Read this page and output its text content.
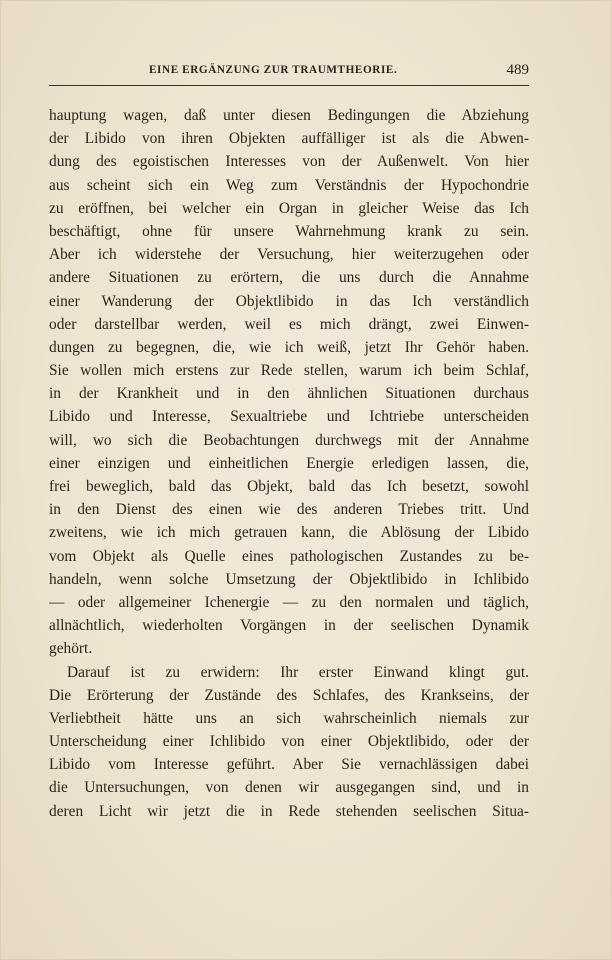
EINE ERGÄNZUNG ZUR TRAUMTHEORIE.	489
hauptung wagen, daß unter diesen Bedingungen die Abziehung
der Libido von ihren Objekten auffälliger ist als die Abwen-
dung des egoistischen Interesses von der Außenwelt. Von hier
aus scheint sich ein Weg zum Verständnis der Hypochondrie
zu eröffnen, bei welcher ein Organ in gleicher Weise das Ich
beschäftigt, ohne für unsere Wahrnehmung krank zu sein.
Aber ich widerstehe der Versuchung, hier weiterzugehen oder
andere Situationen zu erörtern, die uns durch die Annahme
einer Wanderung der Objektlibido in das Ich verständlich
oder darstellbar werden, weil es mich drängt, zwei Einwen-
dungen zu begegnen, die, wie ich weiß, jetzt Ihr Gehör haben.
Sie wollen mich erstens zur Rede stellen, warum ich beim Schlaf,
in der Krankheit und in den ähnlichen Situationen durchaus
Libido und Interesse, Sexualtriebe und Ichtriebe unterscheiden
will, wo sich die Beobachtungen durchwegs mit der Annahme
einer einzigen und einheitlichen Energie erledigen lassen, die,
frei beweglich, bald das Objekt, bald das Ich besetzt, sowohl
in den Dienst des einen wie des anderen Triebes tritt. Und
zweitens, wie ich mich getrauen kann, die Ablösung der Libido
vom Objekt als Quelle eines pathologischen Zustandes zu be-
handeln, wenn solche Umsetzung der Objektlibido in Ichlibido
— oder allgemeiner Ichenergie — zu den normalen und täglich,
allnächtlich, wiederholten Vorgängen in der seelischen Dynamik
gehört.
Darauf ist zu erwidern: Ihr erster Einwand klingt gut.
Die Erörterung der Zustände des Schlafes, des Krankseins, der
Verliebtheit hätte uns an sich wahrscheinlich niemals zur
Unterscheidung einer Ichlibido von einer Objektlibido, oder der
Libido vom Interesse geführt. Aber Sie vernachlässigen dabei
die Untersuchungen, von denen wir ausgegangen sind, und in
deren Licht wir jetzt die in Rede stehenden seelischen Situa-
